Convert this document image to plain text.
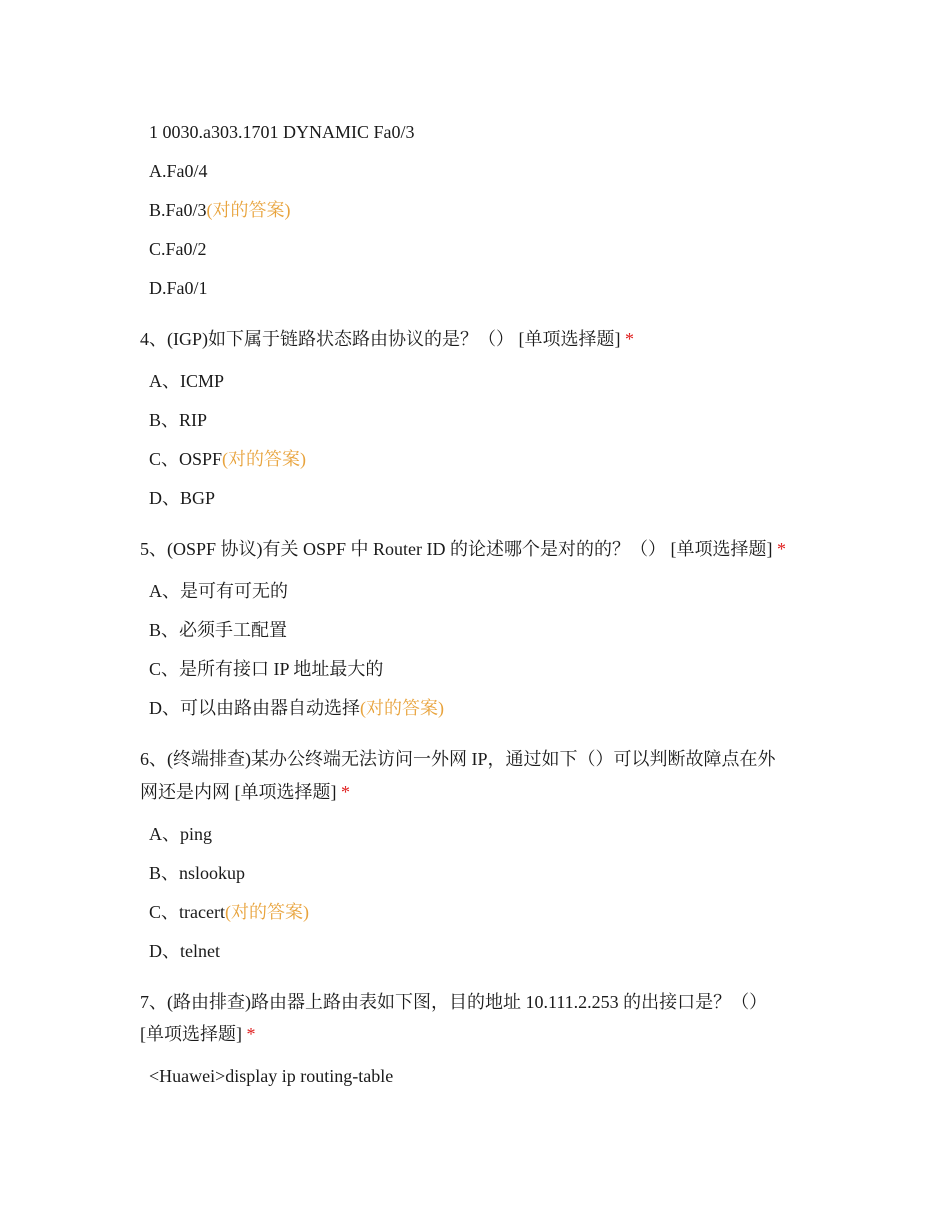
1 0030.a303.1701 DYNAMIC Fa0/3
A.Fa0/4
B.Fa0/3(对的答案)
C.Fa0/2
D.Fa0/1
4、(IGP)如下属于链路状态路由协议的是？（） [单项选择题] *
A、ICMP
B、RIP
C、OSPF(对的答案)
D、BGP
5、(OSPF 协议)有关 OSPF 中 Router ID 的论述哪个是对的的？（） [单项选择题] *
A、是可有可无的
B、必须手工配置
C、是所有接口 IP 地址最大的
D、可以由路由器自动选择(对的答案)
6、(终端排查)某办公终端无法访问一外网 IP，通过如下（）可以判断故障点在外
网还是内网 [单项选择题] *
A、ping
B、nslookup
C、tracert(对的答案)
D、telnet
7、(路由排查)路由器上路由表如下图，目的地址 10.111.2.253 的出接口是？（）
[单项选择题] *
<Huawei>display ip routing-table
